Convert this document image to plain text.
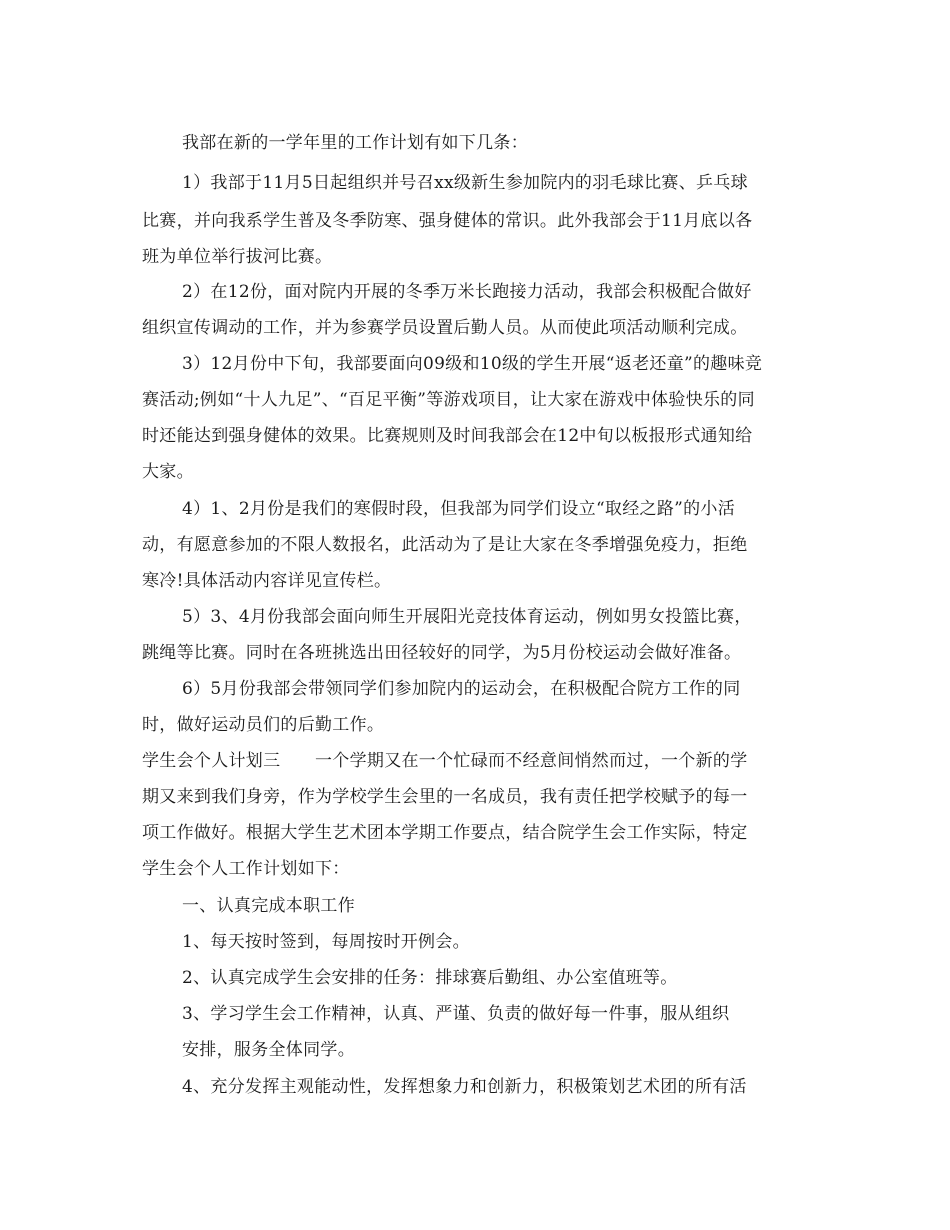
我部在新的一学年里的工作计划有如下几条：
1）我部于11月5日起组织并号召xx级新生参加院内的羽毛球比赛、乒乓球
比赛，并向我系学生普及冬季防寒、强身健体的常识。此外我部会于11月底以各
班为单位举行拔河比赛。
2）在12份，面对院内开展的冬季万米长跑接力活动，我部会积极配合做好
组织宣传调动的工作，并为参赛学员设置后勤人员。从而使此项活动顺利完成。
3）12月份中下旬，我部要面向09级和10级的学生开展“返老还童”的趣味竞
赛活动;例如“十人九足”、“百足平衡”等游戏项目，让大家在游戏中体验快乐的同
时还能达到强身健体的效果。比赛规则及时间我部会在12中旬以板报形式通知给
大家。
4）1、2月份是我们的寒假时段，但我部为同学们设立“取经之路”的小活
动，有愿意参加的不限人数报名，此活动为了是让大家在冬季增强免疫力，拒绝
寒冷!具体活动内容详见宣传栏。
5）3、4月份我部会面向师生开展阳光竞技体育运动，例如男女投篮比赛，
跳绳等比赛。同时在各班挑选出田径较好的同学，为5月份校运动会做好准备。
6）5月份我部会带领同学们参加院内的运动会，在积极配合院方工作的同
时，做好运动员们的后勤工作。
学生会个人计划三　　一个学期又在一个忙碌而不经意间悄然而过，一个新的学
期又来到我们身旁，作为学校学生会里的一名成员，我有责任把学校赋予的每一
项工作做好。根据大学生艺术团本学期工作要点，结合院学生会工作实际，特定
学生会个人工作计划如下：
一、认真完成本职工作
1、每天按时签到，每周按时开例会。
2、认真完成学生会安排的任务：排球赛后勤组、办公室值班等。
3、学习学生会工作精神，认真、严谨、负责的做好每一件事，服从组织
安排，服务全体同学。
4、充分发挥主观能动性，发挥想象力和创新力，积极策划艺术团的所有活
